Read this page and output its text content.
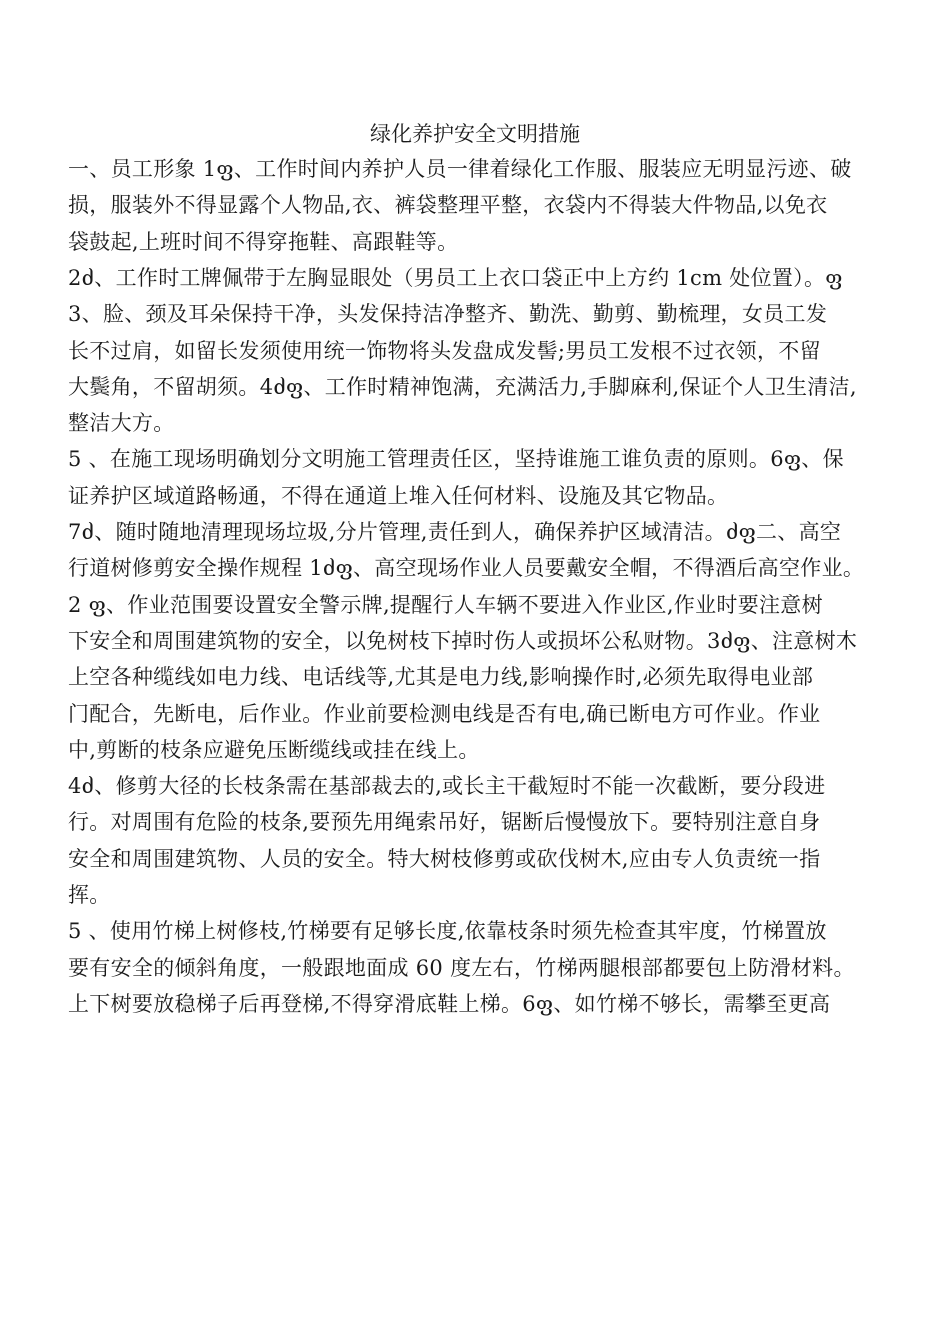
绿化养护安全文明措施
一、员工形象 1ფ、工作时间内养护人员一律着绿化工作服、服装应无明显污迹、破
损，服装外不得显露个人物品,衣、裤袋整理平整，衣袋内不得装大件物品,以免衣
袋鼓起,上班时间不得穿拖鞋、高跟鞋等。
2ძ、工作时工牌佩带于左胸显眼处（男员工上衣口袋正中上方约 1cm 处位置）。ფ
3、脸、颈及耳朵保持干净，头发保持洁净整齐、勤洗、勤剪、勤梳理，女员工发
长不过肩，如留长发须使用统一饰物将头发盘成发髻;男员工发根不过衣领，不留
大鬓角，不留胡须。4ძფ、工作时精神饱满，充满活力,手脚麻利,保证个人卫生清洁,
整洁大方。
5 、在施工现场明确划分文明施工管理责任区，坚持谁施工谁负责的原则。6ფ、保
证养护区域道路畅通，不得在通道上堆入任何材料、设施及其它物品。
7ძ、随时随地清理现场垃圾,分片管理,责任到人，确保养护区域清洁。ძფ二、高空
行道树修剪安全操作规程 1ძფ、高空现场作业人员要戴安全帽，不得酒后高空作业。
2 ფ、作业范围要设置安全警示牌,提醒行人车辆不要进入作业区,作业时要注意树
下安全和周围建筑物的安全，以免树枝下掉时伤人或损坏公私财物。3ძფ、注意树木
上空各种缆线如电力线、电话线等,尤其是电力线,影响操作时,必须先取得电业部
门配合，先断电，后作业。作业前要检测电线是否有电,确已断电方可作业。作业
中,剪断的枝条应避免压断缆线或挂在线上。
4ძ、修剪大径的长枝条需在基部裁去的,或长主干截短时不能一次截断，要分段进
行。对周围有危险的枝条,要预先用绳索吊好，锯断后慢慢放下。要特别注意自身
安全和周围建筑物、人员的安全。特大树枝修剪或砍伐树木,应由专人负责统一指
挥。
5 、使用竹梯上树修枝,竹梯要有足够长度,依靠枝条时须先检查其牢度，竹梯置放
要有安全的倾斜角度，一般跟地面成 60 度左右，竹梯两腿根部都要包上防滑材料。
上下树要放稳梯子后再登梯,不得穿滑底鞋上梯。6ფ、如竹梯不够长，需攀至更高
